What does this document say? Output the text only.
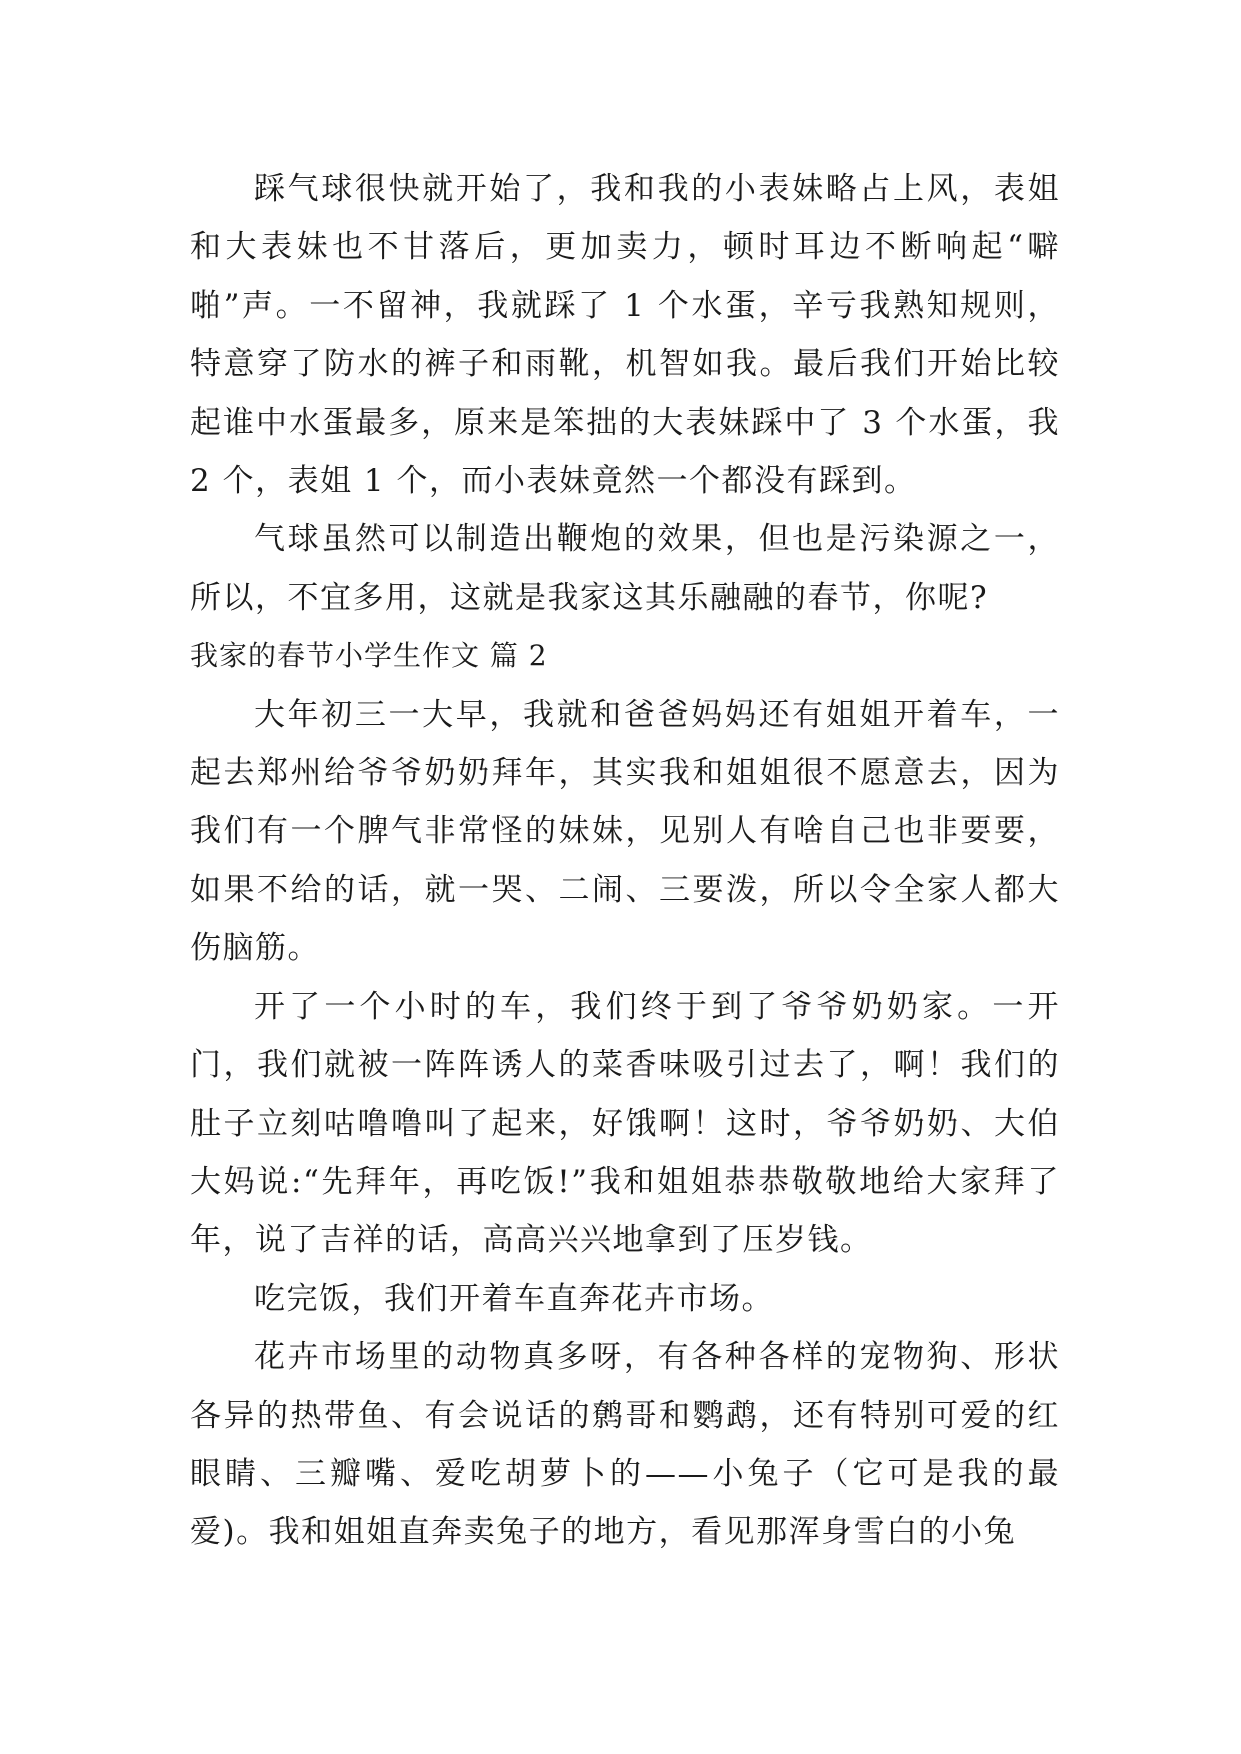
踩气球很快就开始了，我和我的小表妹略占上风，表姐和大表妹也不甘落后，更加卖力，顿时耳边不断响起“噼啪”声。一不留神，我就踩了 1 个水蛋，辛亏我熟知规则，特意穿了防水的裤子和雨靴，机智如我。最后我们开始比较起谁中水蛋最多，原来是笨拙的大表妹踩中了 3 个水蛋，我 2 个，表姐 1 个，而小表妹竟然一个都没有踩到。

气球虽然可以制造出鞭炮的效果，但也是污染源之一，所以，不宜多用，这就是我家这其乐融融的春节，你呢?

我家的春节小学生作文 篇 2

大年初三一大早，我就和爸爸妈妈还有姐姐开着车，一起去郑州给爷爷奶奶拜年，其实我和姐姐很不愿意去，因为我们有一个脾气非常怪的妹妹，见别人有啥自己也非要要，如果不给的话，就一哭、二闹、三要泼，所以令全家人都大伤脑筋。

开了一个小时的车，我们终于到了爷爷奶奶家。一开门，我们就被一阵阵诱人的菜香味吸引过去了，啊！我们的肚子立刻咕噜噜叫了起来，好饿啊！这时，爷爷奶奶、大伯大妈说:“先拜年，再吃饭!”我和姐姐恭恭敬敬地给大家拜了年，说了吉祥的话，高高兴兴地拿到了压岁钱。

吃完饭，我们开着车直奔花卉市场。

花卉市场里的动物真多呀，有各种各样的宠物狗、形状各异的热带鱼、有会说话的鹩哥和鹦鹉，还有特别可爱的红眼睛、三瓣嘴、爱吃胡萝卜的——小兔子（它可是我的最爱)。我和姐姐直奔卖兔子的地方，看见那浑身雪白的小兔
